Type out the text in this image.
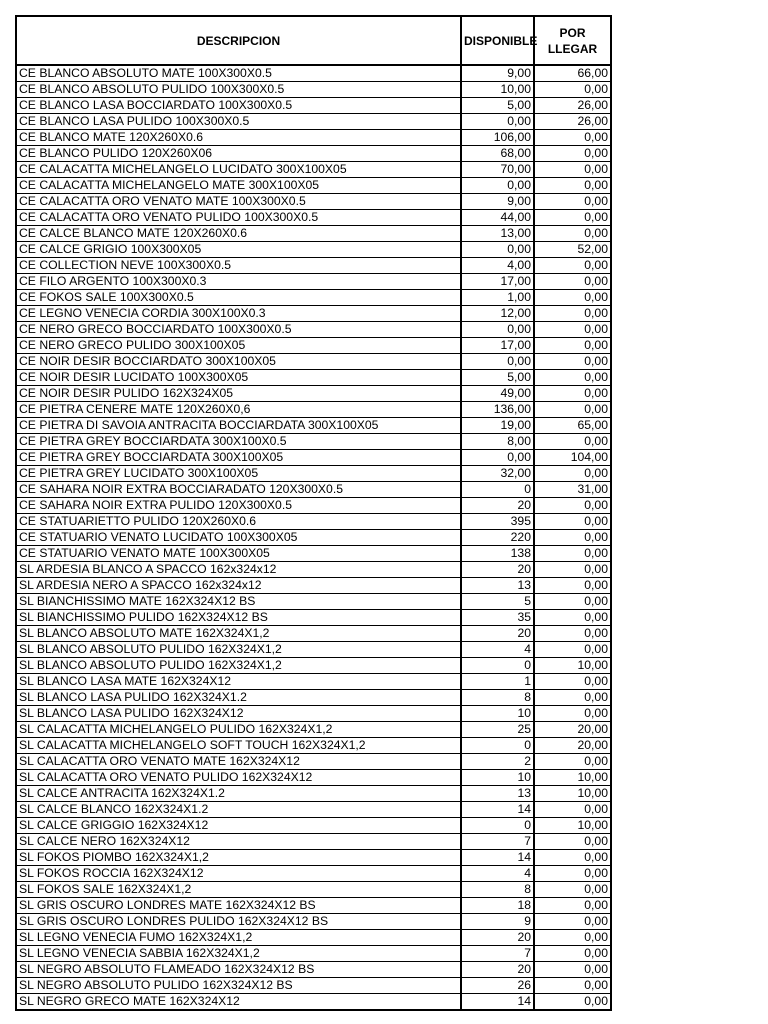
DESCRIPCION	DISPONIBLE	POR LLEGAR
CE BLANCO ABSOLUTO MATE 100X300X0.5	9,00	66,00
CE BLANCO ABSOLUTO PULIDO 100X300X0.5	10,00	0,00
CE BLANCO LASA BOCCIARDATO 100X300X0.5	5,00	26,00
CE BLANCO LASA PULIDO 100X300X0.5	0,00	26,00
CE BLANCO MATE 120X260X0.6	106,00	0,00
CE BLANCO PULIDO 120X260X06	68,00	0,00
CE CALACATTA MICHELANGELO LUCIDATO 300X100X05	70,00	0,00
CE CALACATTA MICHELANGELO MATE 300X100X05	0,00	0,00
CE CALACATTA ORO VENATO MATE 100X300X0.5	9,00	0,00
CE CALACATTA ORO VENATO PULIDO 100X300X0.5	44,00	0,00
CE CALCE BLANCO MATE 120X260X0.6	13,00	0,00
CE CALCE GRIGIO 100X300X05	0,00	52,00
CE COLLECTION NEVE 100X300X0.5	4,00	0,00
CE FILO ARGENTO 100X300X0.3	17,00	0,00
CE FOKOS SALE 100X300X0.5	1,00	0,00
CE LEGNO VENECIA CORDIA 300X100X0.3	12,00	0,00
CE NERO GRECO BOCCIARDATO 100X300X0.5	0,00	0,00
CE NERO GRECO PULIDO 300X100X05	17,00	0,00
CE NOIR DESIR BOCCIARDATO 300X100X05	0,00	0,00
CE NOIR DESIR LUCIDATO 100X300X05	5,00	0,00
CE NOIR DESIR PULIDO 162X324X05	49,00	0,00
CE PIETRA CENERE MATE 120X260X0,6	136,00	0,00
CE PIETRA DI SAVOIA ANTRACITA BOCCIARDATA 300X100X05	19,00	65,00
CE PIETRA GREY BOCCIARDATA 300X100X0.5	8,00	0,00
CE PIETRA GREY BOCCIARDATA 300X100X05	0,00	104,00
CE PIETRA GREY LUCIDATO 300X100X05	32,00	0,00
CE SAHARA NOIR EXTRA BOCCIARADATO 120X300X0.5	0	31,00
CE SAHARA NOIR EXTRA PULIDO 120X300X0.5	20	0,00
CE STATUARIETTO PULIDO 120X260X0.6	395	0,00
CE STATUARIO VENATO LUCIDATO 100X300X05	220	0,00
CE STATUARIO VENATO MATE 100X300X05	138	0,00
SL ARDESIA BLANCO A SPACCO 162x324x12	20	0,00
SL ARDESIA NERO A SPACCO 162x324x12	13	0,00
SL BIANCHISSIMO MATE 162X324X12 BS	5	0,00
SL BIANCHISSIMO PULIDO 162X324X12 BS	35	0,00
SL BLANCO ABSOLUTO MATE 162X324X1,2	20	0,00
SL BLANCO ABSOLUTO PULIDO 162X324X1,2	4	0,00
SL BLANCO ABSOLUTO PULIDO 162X324X1,2	0	10,00
SL BLANCO LASA MATE 162X324X12	1	0,00
SL BLANCO LASA PULIDO 162X324X1.2	8	0,00
SL BLANCO LASA PULIDO 162X324X12	10	0,00
SL CALACATTA MICHELANGELO PULIDO 162X324X1,2	25	20,00
SL CALACATTA MICHELANGELO SOFT TOUCH 162X324X1,2	0	20,00
SL CALACATTA ORO VENATO MATE 162X324X12	2	0,00
SL CALACATTA ORO VENATO PULIDO 162X324X12	10	10,00
SL CALCE ANTRACITA 162X324X1.2	13	10,00
SL CALCE BLANCO 162X324X1.2	14	0,00
SL CALCE GRIGGIO 162X324X12	0	10,00
SL CALCE NERO 162X324X12	7	0,00
SL FOKOS PIOMBO 162X324X1,2	14	0,00
SL FOKOS ROCCIA 162X324X12	4	0,00
SL FOKOS SALE 162X324X1,2	8	0,00
SL GRIS OSCURO LONDRES MATE 162X324X12 BS	18	0,00
SL GRIS OSCURO LONDRES PULIDO 162X324X12 BS	9	0,00
SL LEGNO VENECIA FUMO 162X324X1,2	20	0,00
SL LEGNO VENECIA SABBIA 162X324X1,2	7	0,00
SL NEGRO ABSOLUTO FLAMEADO 162X324X12 BS	20	0,00
SL NEGRO ABSOLUTO PULIDO 162X324X12 BS	26	0,00
SL NEGRO GRECO MATE 162X324X12	14	0,00
